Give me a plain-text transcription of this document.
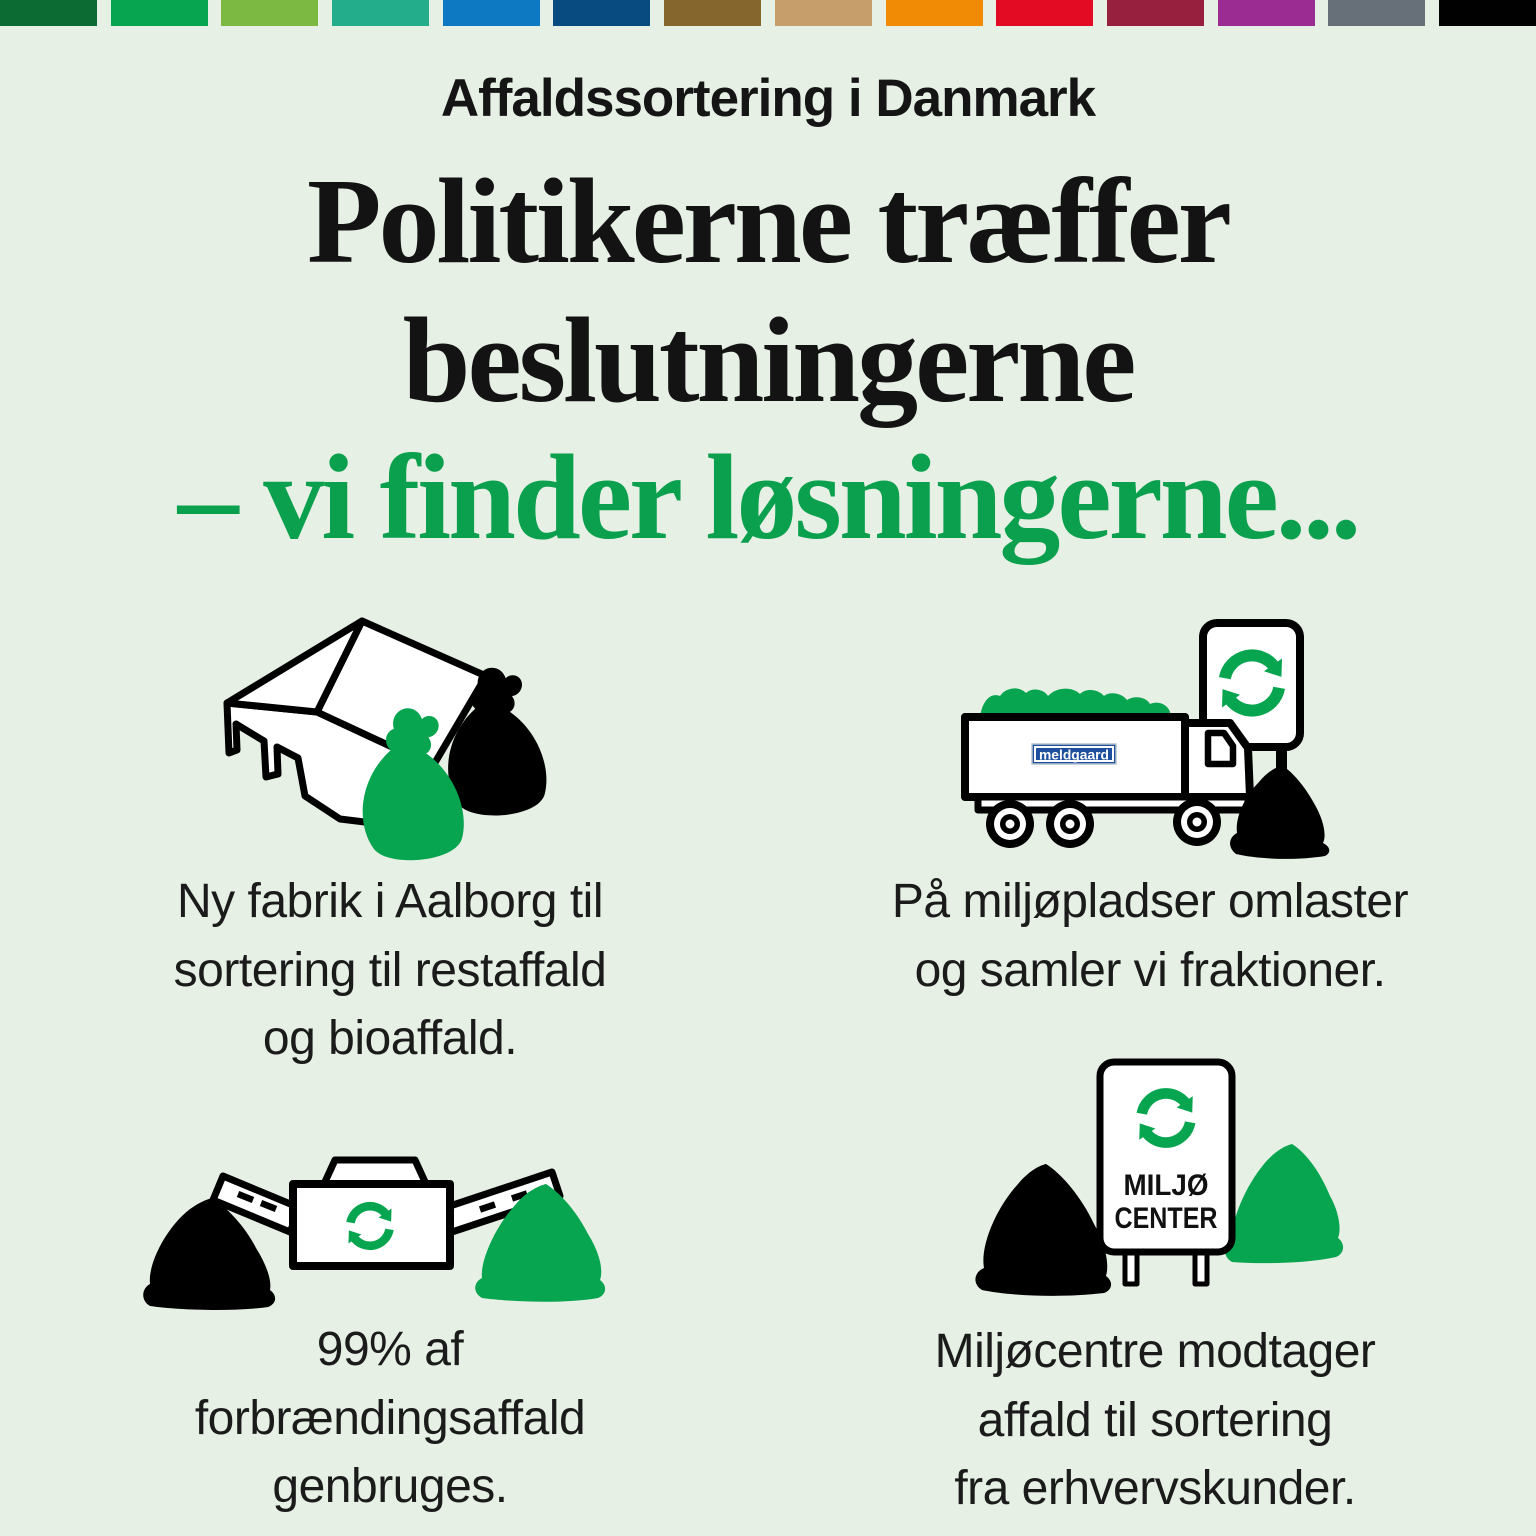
Affaldssortering i Danmark
Politikerne træffer
beslutningerne
– vi finder løsningerne...
meldgaard
MILJØ
CENTER
Ny fabrik i Aalborg til
sortering til restaffald
og bioaffald.
På miljøpladser omlaster
og samler vi fraktioner.
99% af
forbrændingsaffald
genbruges.
Miljøcentre modtager
affald til sortering
fra erhvervskunder.
